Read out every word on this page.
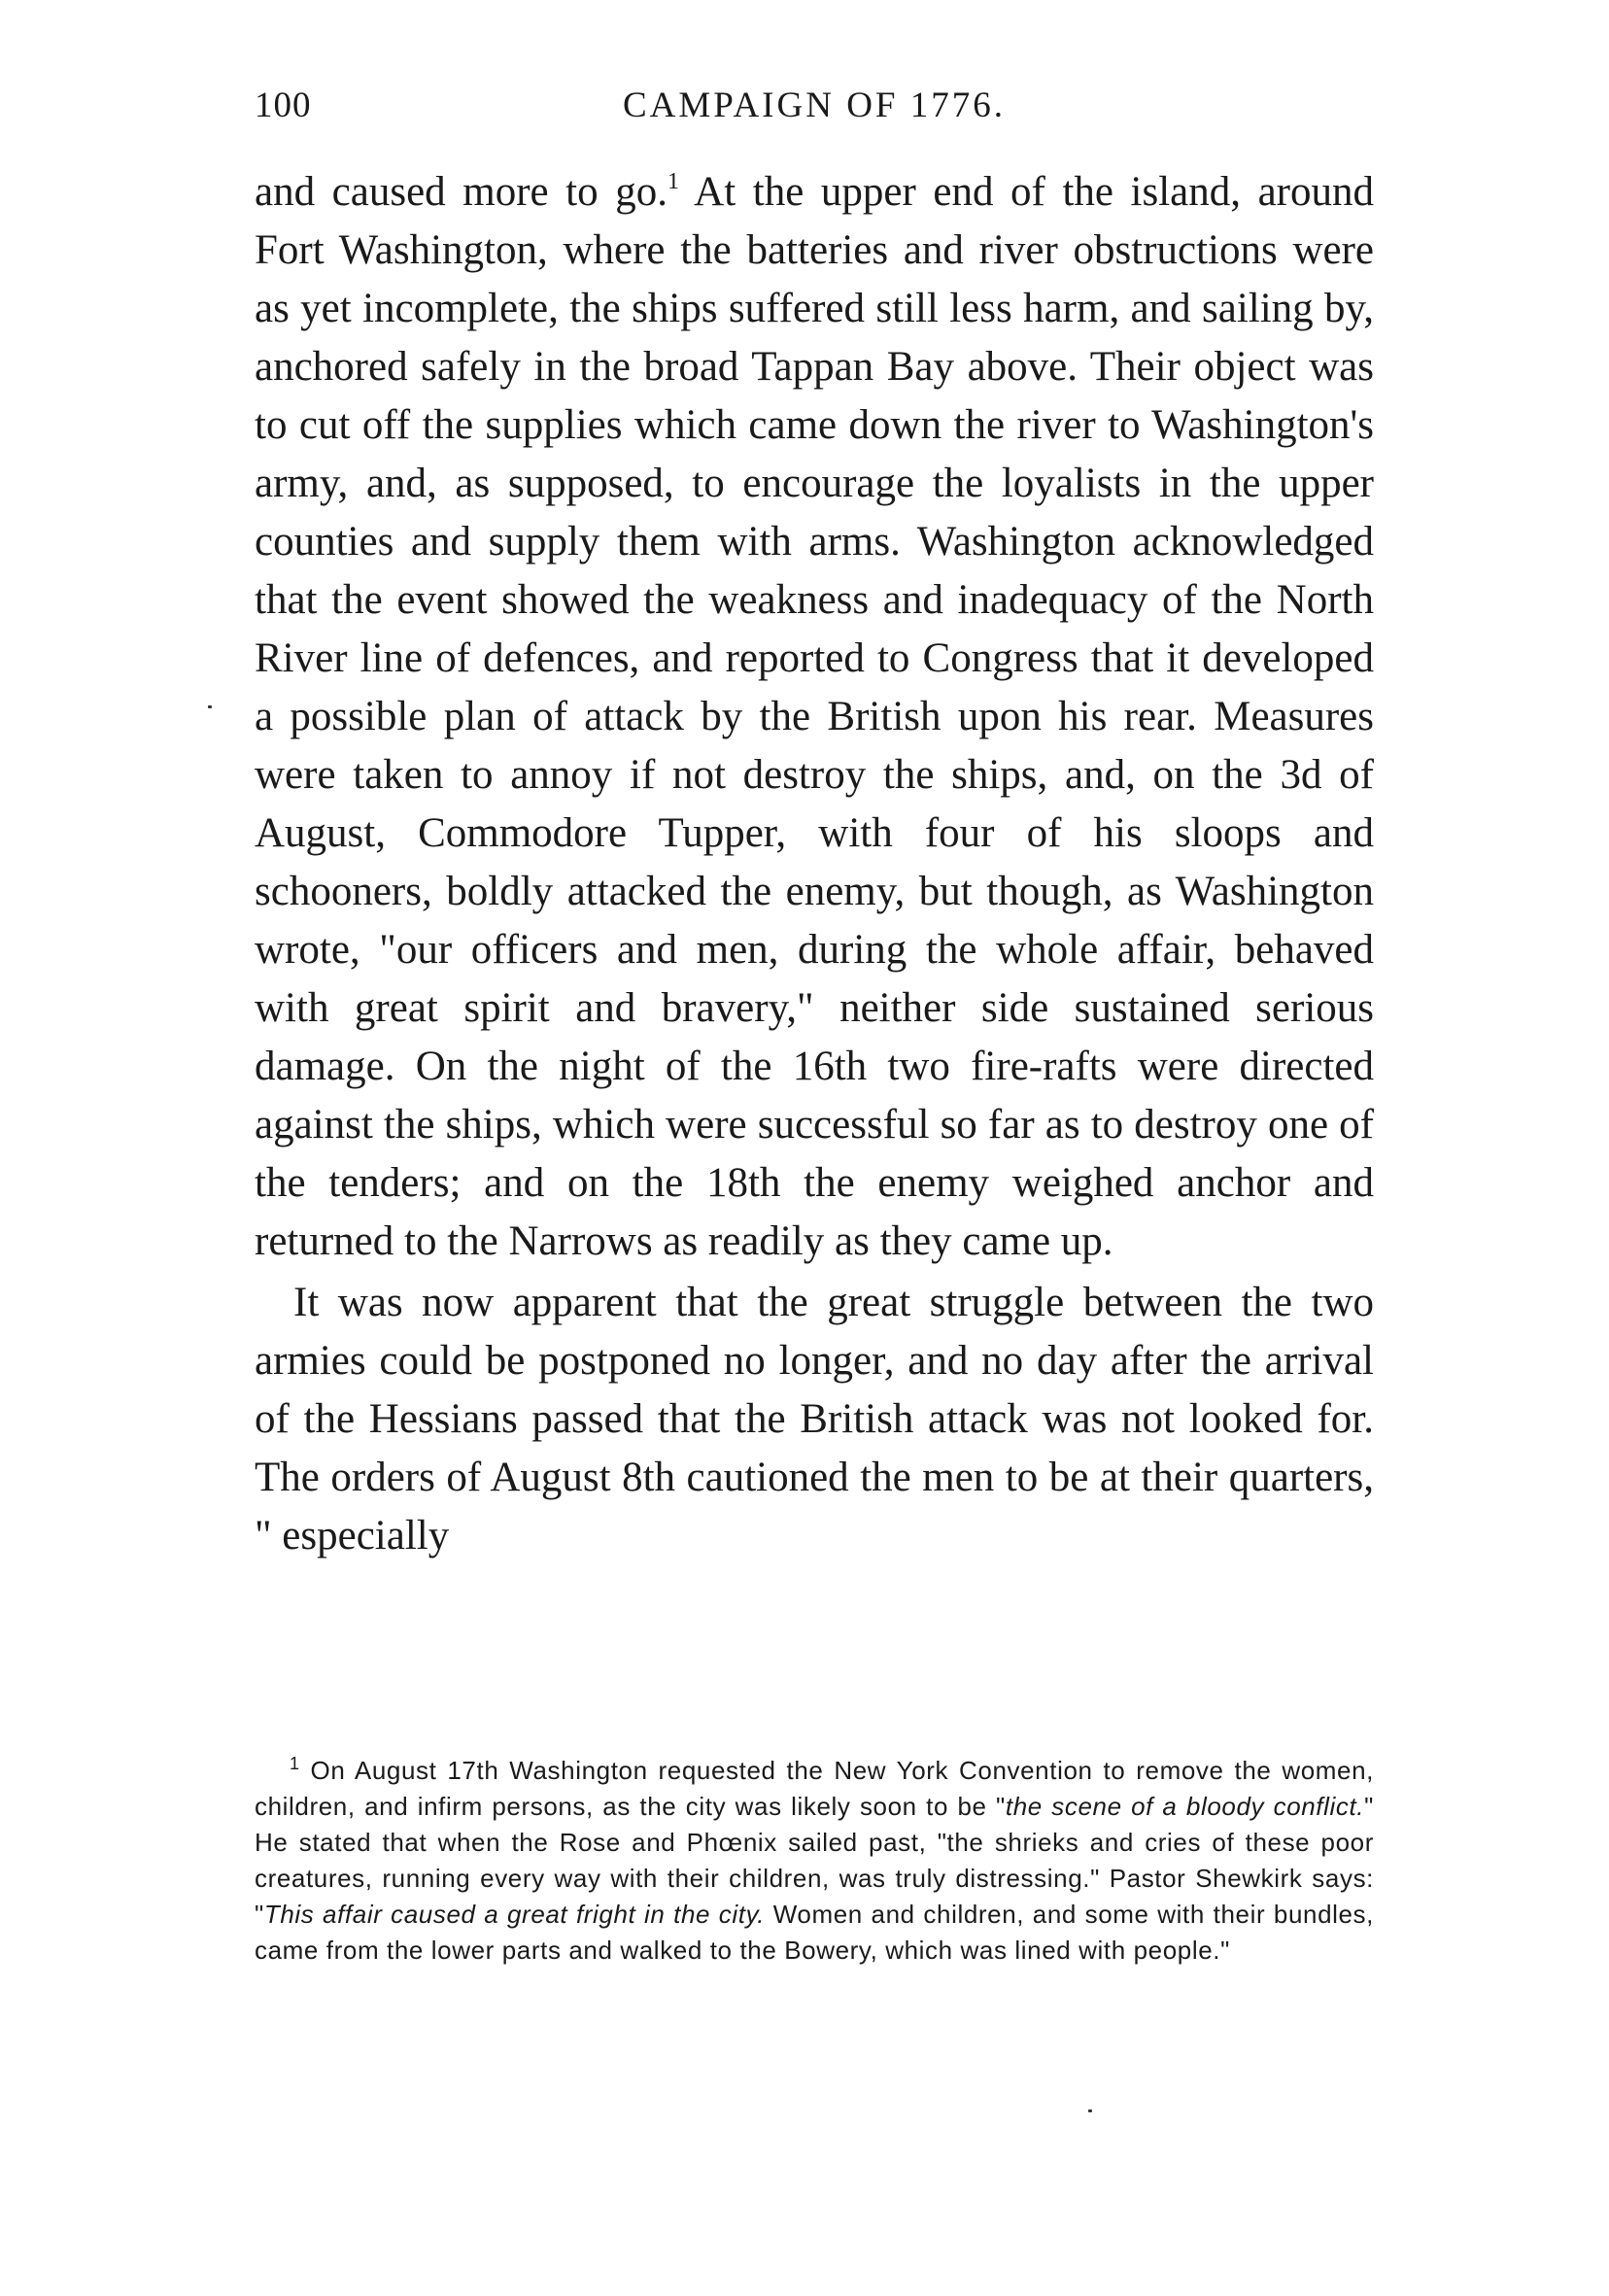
100	CAMPAIGN OF 1776.

and caused more to go.$^1$ At the upper end of the island, around Fort Washington, where the batteries and river obstructions were as yet incomplete, the ships suffered still less harm, and sailing by, anchored safely in the broad Tappan Bay above. Their object was to cut off the supplies which came down the river to Washington's army, and, as supposed, to encourage the loyalists in the upper counties and supply them with arms. Washington acknowledged that the event showed the weakness and inadequacy of the North River line of defences, and reported to Congress that it developed a possible plan of attack by the British upon his rear. Measures were taken to annoy if not destroy the ships, and, on the 3d of August, Commodore Tupper, with four of his sloops and schooners, boldly attacked the enemy, but though, as Washington wrote, "our officers and men, during the whole affair, behaved with great spirit and bravery," neither side sustained serious damage. On the night of the 16th two fire-rafts were directed against the ships, which were successful so far as to destroy one of the tenders; and on the 18th the enemy weighed anchor and returned to the Narrows as readily as they came up.

It was now apparent that the great struggle between the two armies could be postponed no longer, and no day after the arrival of the Hessians passed that the British attack was not looked for. The orders of August 8th cautioned the men to be at their quarters, " especially

$^1$ On August 17th Washington requested the New York Convention to remove the women, children, and infirm persons, as the city was likely soon to be "the scene of a bloody conflict." He stated that when the Rose and Phœnix sailed past, "the shrieks and cries of these poor creatures, running every way with their children, was truly distressing." Pastor Shewkirk says: "This affair caused a great fright in the city. Women and children, and some with their bundles, came from the lower parts and walked to the Bowery, which was lined with people."
